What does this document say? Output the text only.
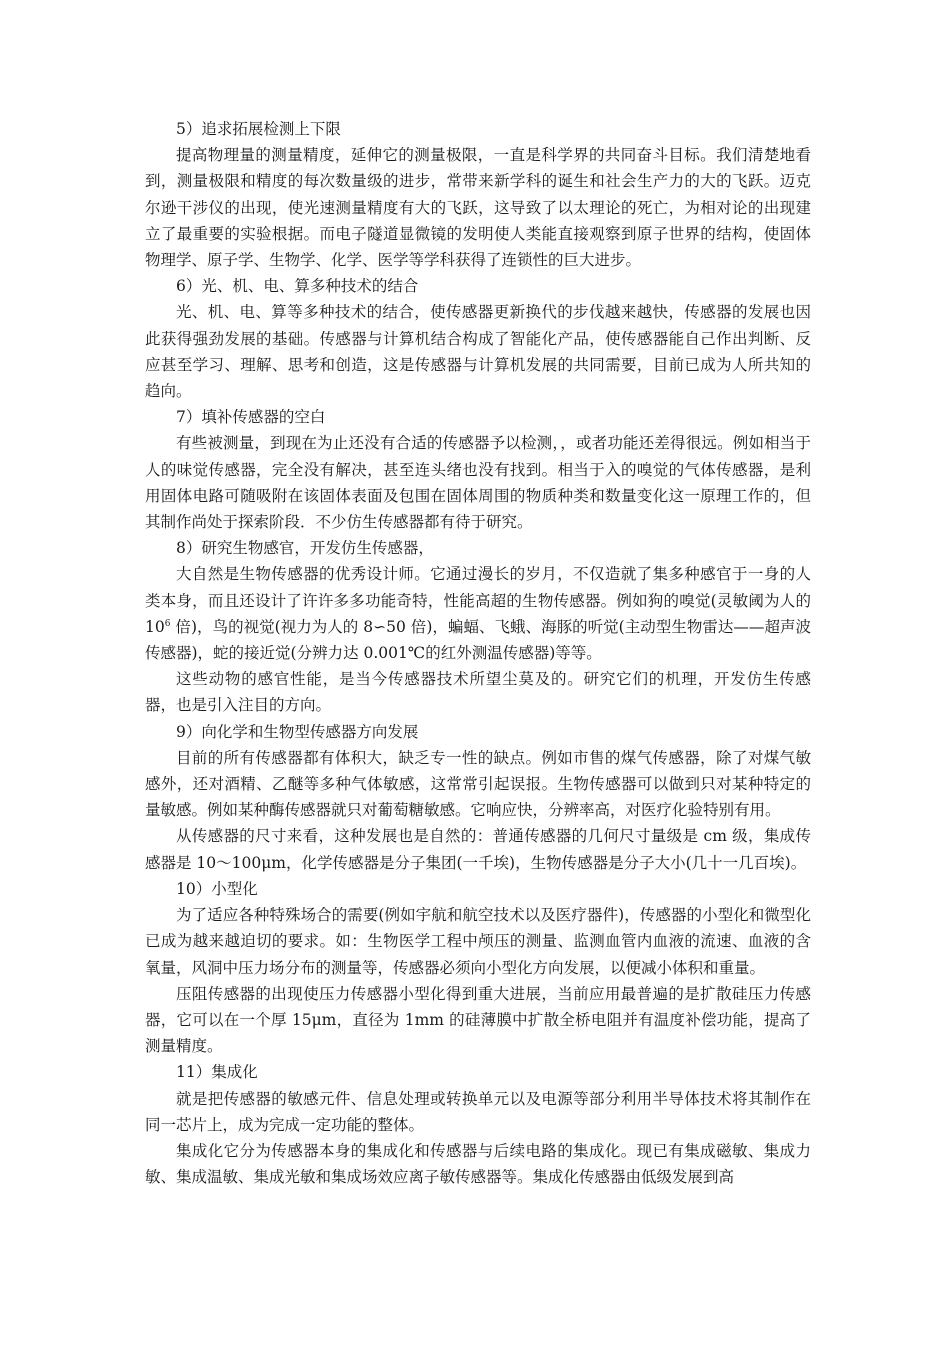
5）追求拓展检测上下限

提高物理量的测量精度，延伸它的测量极限，一直是科学界的共同奋斗目标。我们清楚地看到，测量极限和精度的每次数量级的进步，常带来新学科的诞生和社会生产力的大的飞跃。迈克尔逊干涉仪的出现，使光速测量精度有大的飞跃，这导致了以太理论的死亡，为相对论的出现建立了最重要的实验根据。而电子隧道显微镜的发明使人类能直接观察到原子世界的结构，使固体物理学、原子学、生物学、化学、医学等学科获得了连锁性的巨大进步。

6）光、机、电、算多种技术的结合

光、机、电、算等多种技术的结合，使传感器更新换代的步伐越来越快，传感器的发展也因此获得强劲发展的基础。传感器与计算机结合构成了智能化产品，使传感器能自己作出判断、反应甚至学习、理解、思考和创造，这是传感器与计算机发展的共同需要，目前已成为人所共知的趋向。

7）填补传感器的空白

有些被测量，到现在为止还没有合适的传感器予以检测，，或者功能还差得很远。例如相当于人的味觉传感器，完全没有解决，甚至连头绪也没有找到。相当于入的嗅觉的气体传感器，是利用固体电路可随吸附在该固体表面及包围在固体周围的物质种类和数量变化这一原理工作的，但其制作尚处于探索阶段．不少仿生传感器都有待于研究。

8）研究生物感官，开发仿生传感器，

大自然是生物传感器的优秀设计师。它通过漫长的岁月，不仅造就了集多种感官于一身的人类本身，而且还设计了许许多多功能奇特，性能高超的生物传感器。例如狗的嗅觉(灵敏阈为人的 $10^6$ 倍)，鸟的视觉(视力为人的 8∽50 倍)，蝙蝠、飞蛾、海豚的听觉(主动型生物雷达——超声波传感器)，蛇的接近觉(分辨力达 0.001℃的红外测温传感器)等等。

这些动物的感官性能，是当今传感器技术所望尘莫及的。研究它们的机理，开发仿生传感器，也是引入注目的方向。

9）向化学和生物型传感器方向发展

目前的所有传感器都有体积大，缺乏专一性的缺点。例如市售的煤气传感器，除了对煤气敏感外，还对酒精、乙醚等多种气体敏感，这常常引起误报。生物传感器可以做到只对某种特定的量敏感。例如某种酶传感器就只对葡萄糖敏感。它响应快，分辨率高，对医疗化验特别有用。

从传感器的尺寸来看，这种发展也是自然的：普通传感器的几何尺寸量级是 cm 级，集成传感器是 10～100μm，化学传感器是分子集团(一千埃)，生物传感器是分子大小(几十一几百埃)。

10）小型化

为了适应各种特殊场合的需要(例如宇航和航空技术以及医疗器件)，传感器的小型化和微型化已成为越来越迫切的要求。如：生物医学工程中颅压的测量、监测血管内血液的流速、血液的含氧量，风洞中压力场分布的测量等，传感器必须向小型化方向发展，以便减小体积和重量。

压阻传感器的出现使压力传感器小型化得到重大进展，当前应用最普遍的是扩散硅压力传感器，它可以在一个厚 15μm，直径为 1mm 的硅薄膜中扩散全桥电阻并有温度补偿功能，提高了测量精度。

11）集成化

就是把传感器的敏感元件、信息处理或转换单元以及电源等部分利用半导体技术将其制作在同一芯片上，成为完成一定功能的整体。

集成化它分为传感器本身的集成化和传感器与后续电路的集成化。现已有集成磁敏、集成力敏、集成温敏、集成光敏和集成场效应离子敏传感器等。集成化传感器由低级发展到高
